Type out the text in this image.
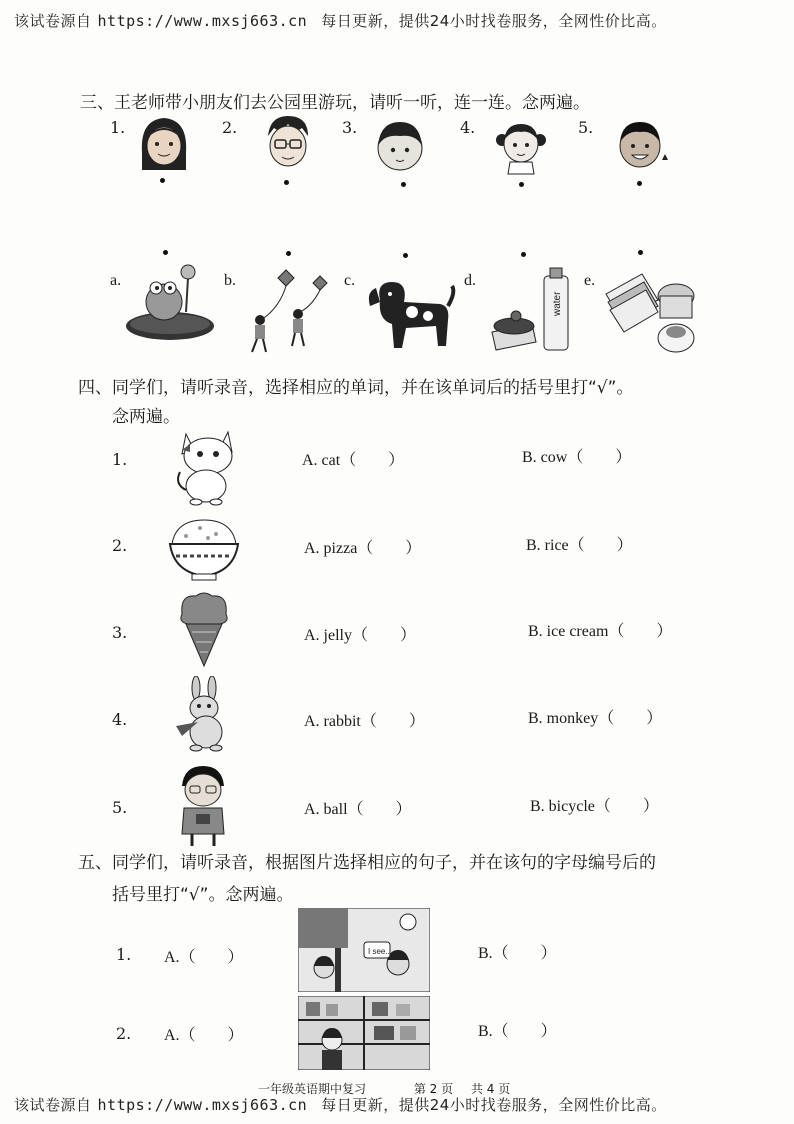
该试卷源自 https://www.mxsj663.cn 每日更新，提供24小时找卷服务，全网性价比高。
三、王老师带小朋友们去公园里游玩，请听一听，连一连。念两遍。
1.	2.	3.	4.	5.
a.	b.	c.	d.
water
e.
四、同学们，请听录音，选择相应的单词，并在该单词后的括号里打“√”。
念两遍。
1.	A. cat（　　）	B. cow（　　）
2.	A. pizza（　　）	B. rice（　　）
3.	A. jelly（　　）	B. ice cream（　　）
4.	A. rabbit（　　）	B. monkey（　　）
5.	A. ball（　　）	B. bicycle（　　）
五、同学们，请听录音，根据图片选择相应的句子，并在该句的字母编号后的
括号里打“√”。念两遍。
1. A.（　　）	I see...	B.（　　）
2. A.（　　）	B.（　　）
一年级英语期中复习	第 2 页 共 4 页
该试卷源自 https://www.mxsj663.cn 每日更新，提供24小时找卷服务，全网性价比高。
